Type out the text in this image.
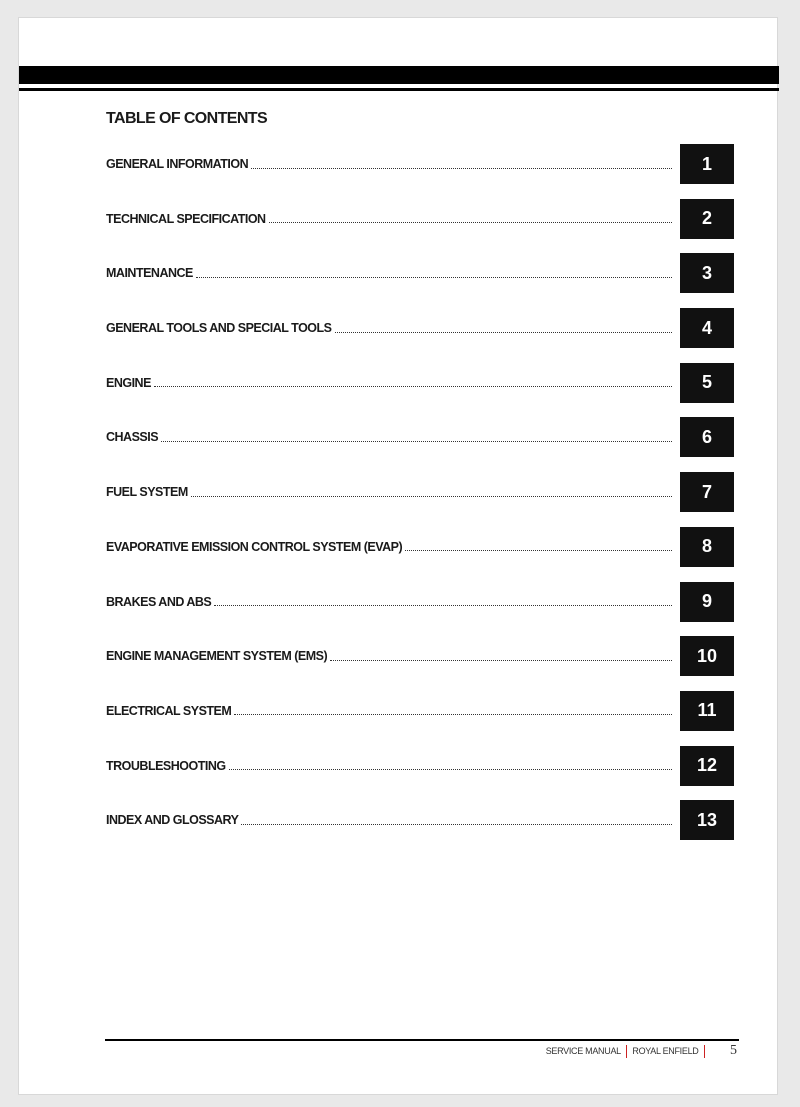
TABLE OF CONTENTS
GENERAL INFORMATION	1
TECHNICAL SPECIFICATION	2
MAINTENANCE	3
GENERAL TOOLS AND SPECIAL TOOLS	4
ENGINE	5
CHASSIS	6
FUEL SYSTEM	7
EVAPORATIVE EMISSION CONTROL SYSTEM (EVAP)	8
BRAKES AND ABS	9
ENGINE MANAGEMENT SYSTEM (EMS)	10
ELECTRICAL SYSTEM	11
TROUBLESHOOTING	12
INDEX AND GLOSSARY	13
SERVICE MANUAL ROYAL ENFIELD 5
